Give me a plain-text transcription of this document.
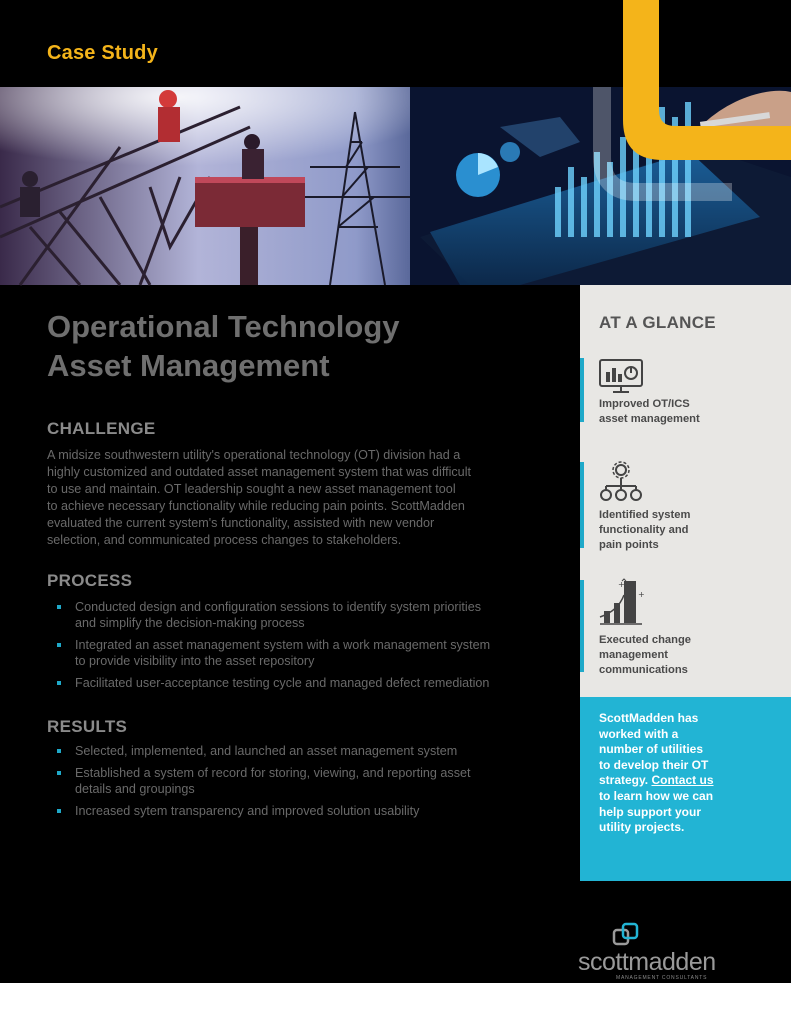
Case Study
Operational Technology
Asset Management
CHALLENGE
A midsize southwestern utility's operational technology (OT) division had a
highly customized and outdated asset management system that was difficult
to use and maintain. OT leadership sought a new asset management tool
to achieve necessary functionality while reducing pain points. ScottMadden
evaluated the current system's functionality, assisted with new vendor
selection, and communicated process changes to stakeholders.
PROCESS
Conducted design and configuration sessions to identify system priorities
and simplify the decision-making process
Integrated an asset management system with a work management system
to provide visibility into the asset repository
Facilitated user-acceptance testing cycle and managed defect remediation
RESULTS
Selected, implemented, and launched an asset management system
Established a system of record for storing, viewing, and reporting asset
details and groupings
Increased sytem transparency and improved solution usability
AT A GLANCE
Improved OT/ICS
asset management
Identified system
functionality and
pain points
+
+
Executed change
management
communications
ScottMadden has
worked with a
number of utilities
to develop their OT
strategy. Contact us
to learn how we can
help support your
utility projects.
scottmadden
MANAGEMENT CONSULTANTS
